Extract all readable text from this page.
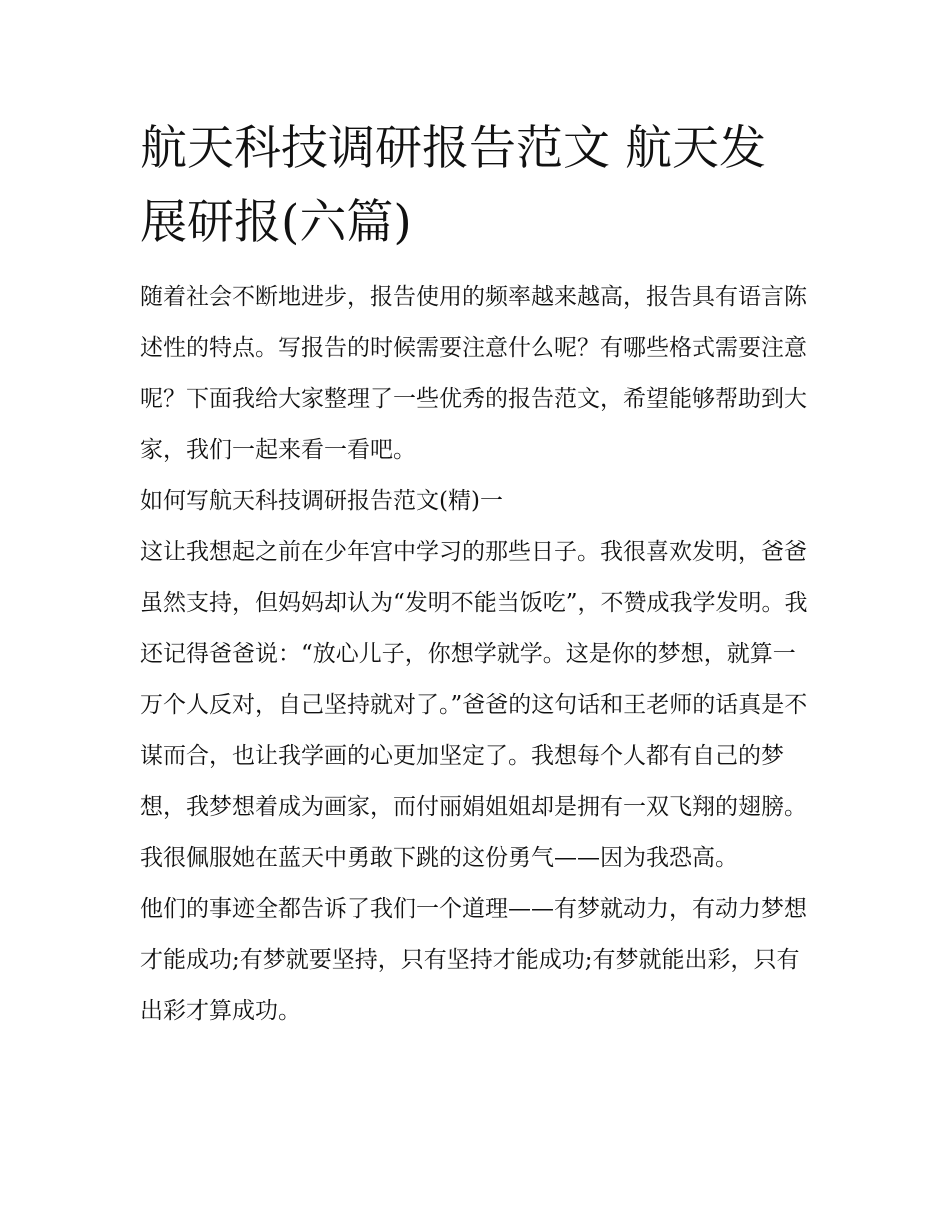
航天科技调研报告范文 航天发展研报(六篇)

随着社会不断地进步，报告使用的频率越来越高，报告具有语言陈述性的特点。写报告的时候需要注意什么呢？有哪些格式需要注意呢？下面我给大家整理了一些优秀的报告范文，希望能够帮助到大家，我们一起来看一看吧。

如何写航天科技调研报告范文(精)一

这让我想起之前在少年宫中学习的那些日子。我很喜欢发明，爸爸虽然支持，但妈妈却认为“发明不能当饭吃”，不赞成我学发明。我还记得爸爸说：“放心儿子，你想学就学。这是你的梦想，就算一万个人反对，自己坚持就对了。”爸爸的这句话和王老师的话真是不谋而合，也让我学画的心更加坚定了。我想每个人都有自己的梦想，我梦想着成为画家，而付丽娟姐姐却是拥有一双飞翔的翅膀。我很佩服她在蓝天中勇敢下跳的这份勇气——因为我恐高。

他们的事迹全都告诉了我们一个道理——有梦就动力，有动力梦想才能成功;有梦就要坚持，只有坚持才能成功;有梦就能出彩，只有出彩才算成功。
